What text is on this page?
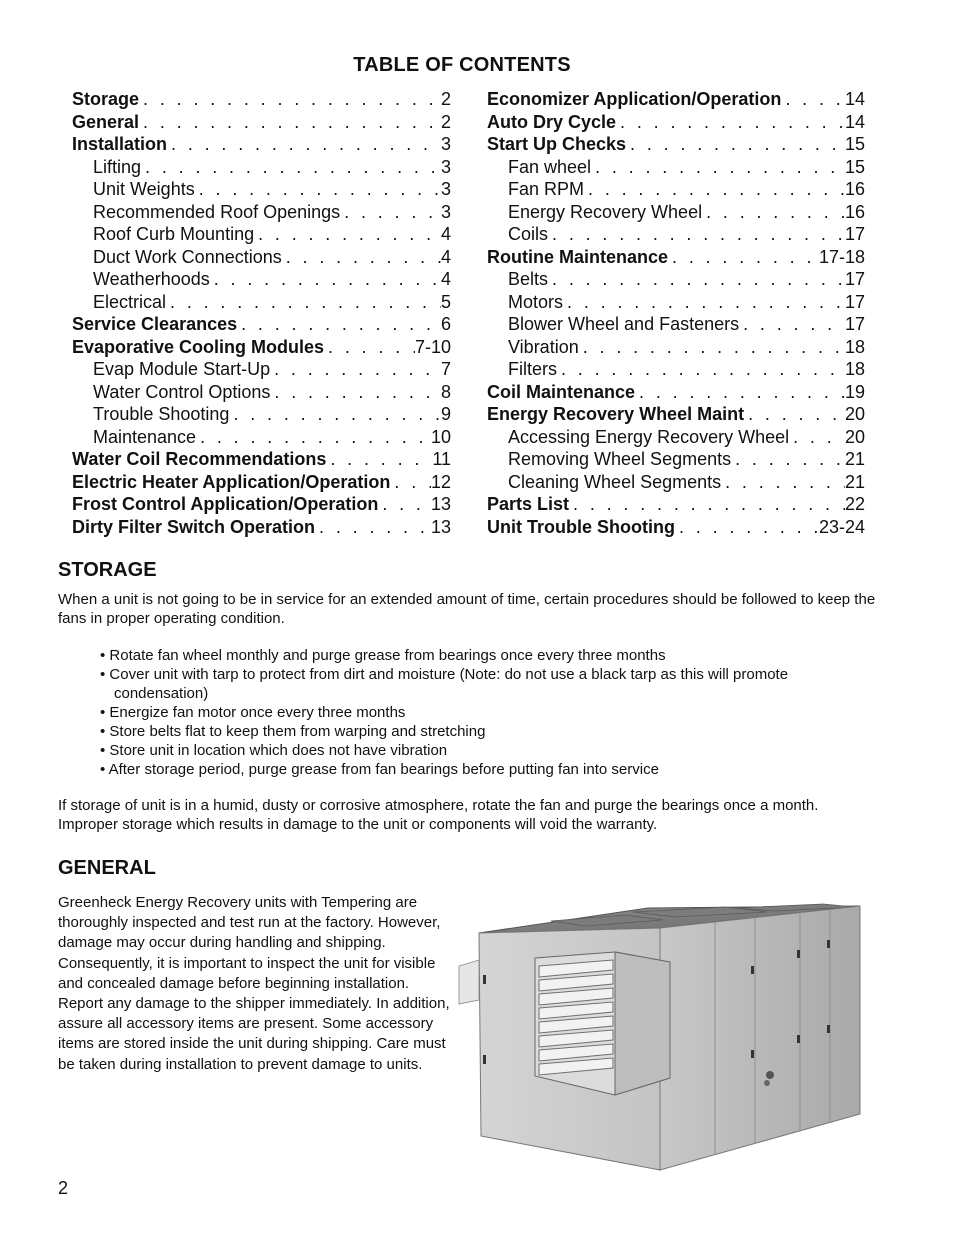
TABLE OF CONTENTS
Storage . . .	2
General . . .	2
Installation . . .	3
Lifting . . .	3
Unit Weights . . .	3
Recommended Roof Openings . . .	3
Roof Curb Mounting . . .	4
Duct Work Connections . . .	4
Weatherhoods . . .	4
Electrical . . .	5
Service Clearances . . .	6
Evaporative Cooling Modules . . .	7-10
Evap Module Start-Up . . .	7
Water Control Options . . .	8
Trouble Shooting . . .	9
Maintenance . . .	10
Water Coil Recommendations . . .	11
Electric Heater Application/Operation . . . 12
Frost Control Application/Operation . . .	13
Dirty Filter Switch Operation . . .	13
Economizer Application/Operation . . .	14
Auto Dry Cycle . . .	14
Start Up Checks . . .	15
Fan wheel . . .	15
Fan RPM . . .	16
Energy Recovery Wheel . . .	16
Coils . . .	17
Routine Maintenance . . .	17-18
Belts . . .	17
Motors . . .	17
Blower Wheel and Fasteners . . .	17
Vibration . . .	18
Filters . . .	18
Coil Maintenance . . .	19
Energy Recovery Wheel Maint . . .	20
Accessing Energy Recovery Wheel . . .	20
Removing Wheel Segments . . .	21
Cleaning Wheel Segments . . .	21
Parts List . . .	22
Unit Trouble Shooting . . .	23-24
STORAGE

When a unit is not going to be in service for an extended amount of time, certain procedures should be followed to keep the fans in proper operating condition.

• Rotate fan wheel monthly and purge grease from bearings once every three months
• Cover unit with tarp to protect from dirt and moisture (Note: do not use a black tarp as this will promote condensation)
• Energize fan motor once every three months
• Store belts flat to keep them from warping and stretching
• Store unit in location which does not have vibration
• After storage period, purge grease from fan bearings before putting fan into service

If storage of unit is in a humid, dusty or corrosive atmosphere, rotate the fan and purge the bearings once a month. Improper storage which results in damage to the unit or components will void the warranty.

GENERAL

Greenheck Energy Recovery units with Tempering are thoroughly inspected and test run at the factory. However, damage may occur during handling and shipping. Consequently, it is important to inspect the unit for visible and concealed damage before beginning installation. Report any damage to the shipper immediately. In addition, assure all accessory items are present. Some accessory items are stored inside the unit during shipping. Care must be taken during installation to prevent damage to units.

2
